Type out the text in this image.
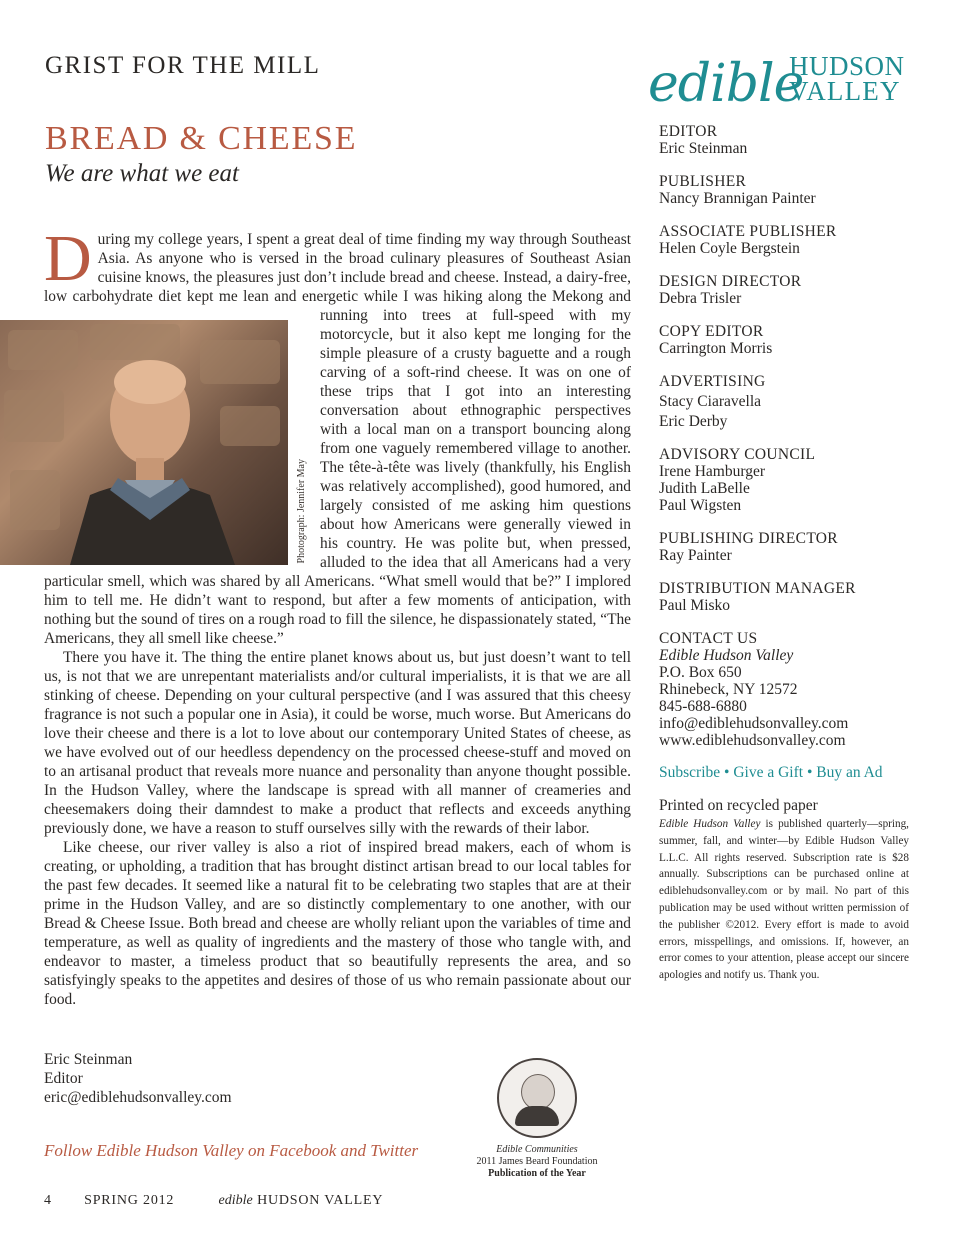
GRIST FOR THE MILL
BREAD & CHEESE
We are what we eat

During my college years, I spent a great deal of time finding my way through Southeast Asia. As anyone who is versed in the broad culinary pleasures of Southeast Asian cuisine knows, the pleasures just don’t include bread and cheese. Instead, a dairy-free, low carbohydrate diet kept me lean and energetic while I was hiking along the Mekong and running
Photograph: Jennifer May
into trees at full-speed with my motorcycle, but it also kept me longing for the simple pleasure of a crusty baguette and a rough carving of a soft-rind cheese. It was on one of these trips that I got into an interesting conversation about ethnographic perspectives with a local man on a transport bouncing along from one vaguely remembered village to another. The tête-à-tête was lively (thankfully, his English was relatively accomplished), good humored, and largely consisted of me asking him questions about how Americans were generally viewed in his country. He was polite but, when pressed, alluded to the idea that all Americans had a very particular smell, which was shared by all Americans. “What smell would that be?” I implored him to tell me. He didn’t want to respond, but after a few moments of anticipation, with nothing but the sound of tires on a rough road to fill the silence, he dispassionately stated, “The Americans, they all smell like cheese.”

There you have it. The thing the entire planet knows about us, but just doesn’t want to tell us, is not that we are unrepentant materialists and/or cultural imperialists, it is that we are all stinking of cheese. Depending on your cultural perspective (and I was assured that this cheesy fragrance is not such a popular one in Asia), it could be worse, much worse. But Americans do love their cheese and there is a lot to love about our contemporary United States of cheese, as we have evolved out of our heedless dependency on the processed cheese-stuff and moved on to an artisanal product that reveals more nuance and personality than anyone thought possible. In the Hudson Valley, where the landscape is spread with all manner of creameries and cheesemakers doing their damndest to make a product that reflects and exceeds anything previously done, we have a reason to stuff ourselves silly with the rewards of their labor.

Like cheese, our river valley is also a riot of inspired bread makers, each of whom is creating, or upholding, a tradition that has brought distinct artisan bread to our local tables for the past few decades. It seemed like a natural fit to be celebrating two staples that are at their prime in the Hudson Valley, and are so distinctly complementary to one another, with our Bread & Cheese Issue. Both bread and cheese are wholly reliant upon the variables of time and temperature, as well as quality of ingredients and the mastery of those who tangle with, and endeavor to master, a timeless product that so beautifully represents the area, and so satisfyingly speaks to the appetites and desires of those of us who remain passionate about our food.

Eric Steinman
Editor
eric@ediblehudsonvalley.com
Follow Edible Hudson Valley on Facebook and Twitter	Edible Communities
2011 James Beard Foundation
Publication of the Year
4 SPRING 2012	edible HUDSON VALLEY
edible
HUDSON
VALLEY
EDITOR
Eric Steinman
PUBLISHER
Nancy Brannigan Painter
ASSOCIATE PUBLISHER
Helen Coyle Bergstein
DESIGN DIRECTOR
Debra Trisler
COPY EDITOR
Carrington Morris
ADVERTISING
Stacy Ciaravella
Eric Derby
ADVISORY COUNCIL
Irene Hamburger
Judith LaBelle
Paul Wigsten
PUBLISHING DIRECTOR
Ray Painter
DISTRIBUTION MANAGER
Paul Misko
CONTACT US
Edible Hudson Valley
P.O. Box 650
Rhinebeck, NY 12572
845-688-6880
info@ediblehudsonvalley.com
www.ediblehudsonvalley.com
Subscribe • Give a Gift • Buy an Ad
Printed on recycled paper
Edible Hudson Valley is published quarterly—spring, summer, fall, and winter—by Edible Hudson Valley L.L.C. All rights reserved. Subscription rate is $28 annually. Subscriptions can be purchased online at ediblehudsonvalley.com or by mail. No part of this publication may be used without written permission of the publisher ©2012. Every effort is made to avoid errors, misspellings, and omissions. If, however, an error comes to your attention, please accept our sincere apologies and notify us. Thank you.
